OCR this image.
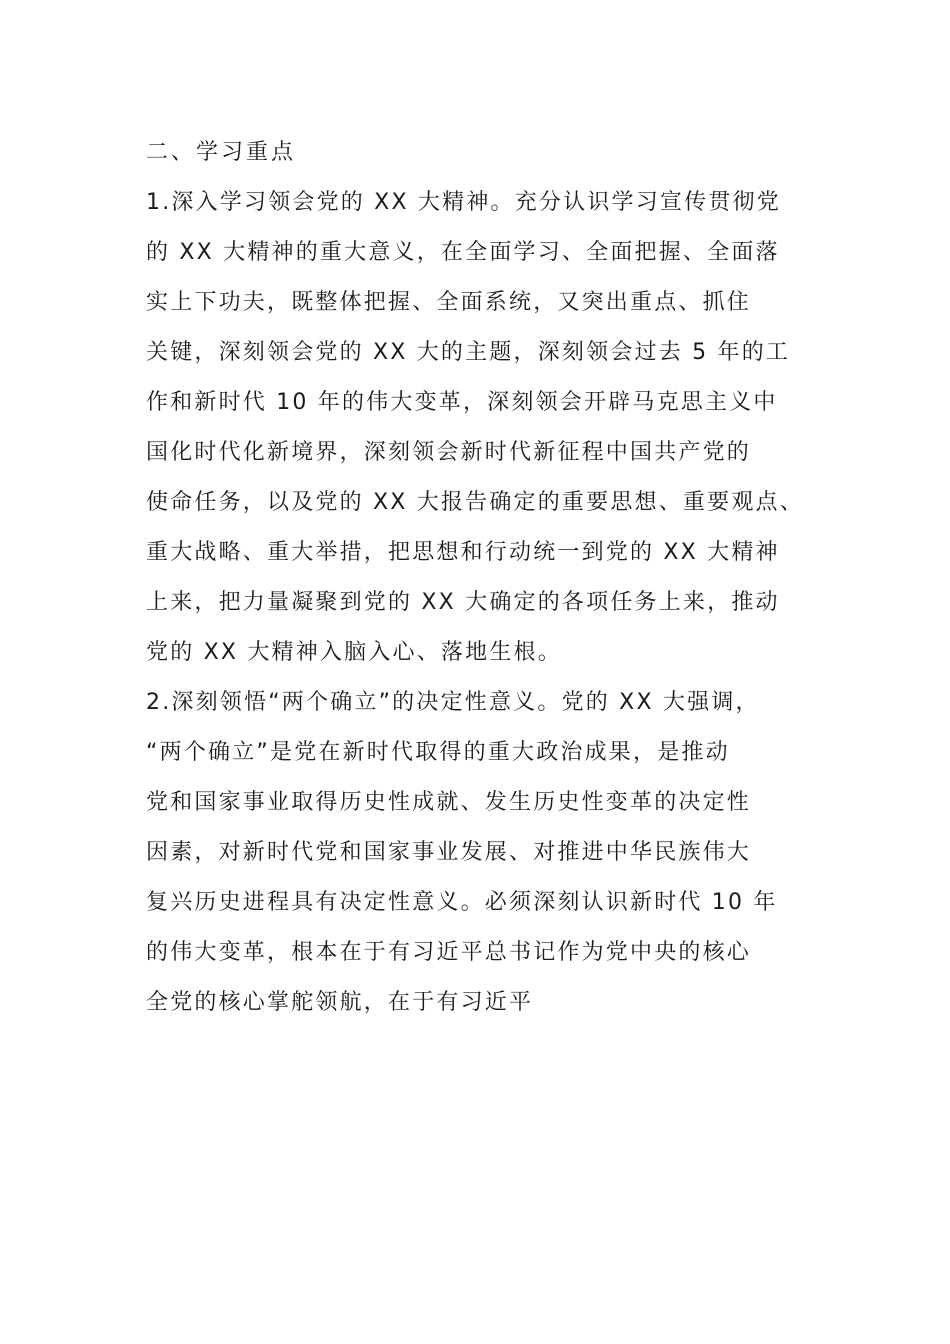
二、学习重点
1.深入学习领会党的 XX 大精神。充分认识学习宣传贯彻党
的 XX 大精神的重大意义，在全面学习、全面把握、全面落
实上下功夫，既整体把握、全面系统，又突出重点、抓住
关键，深刻领会党的 XX 大的主题，深刻领会过去 5 年的工
作和新时代 10 年的伟大变革，深刻领会开辟马克思主义中
国化时代化新境界，深刻领会新时代新征程中国共产党的
使命任务，以及党的 XX 大报告确定的重要思想、重要观点、
重大战略、重大举措，把思想和行动统一到党的 XX 大精神
上来，把力量凝聚到党的 XX 大确定的各项任务上来，推动
党的 XX 大精神入脑入心、落地生根。
2.深刻领悟“两个确立”的决定性意义。党的 XX 大强调，
“两个确立”是党在新时代取得的重大政治成果，是推动
党和国家事业取得历史性成就、发生历史性变革的决定性
因素，对新时代党和国家事业发展、对推进中华民族伟大
复兴历史进程具有决定性意义。必须深刻认识新时代 10 年
的伟大变革，根本在于有习近平总书记作为党中央的核心
全党的核心掌舵领航，在于有习近平
